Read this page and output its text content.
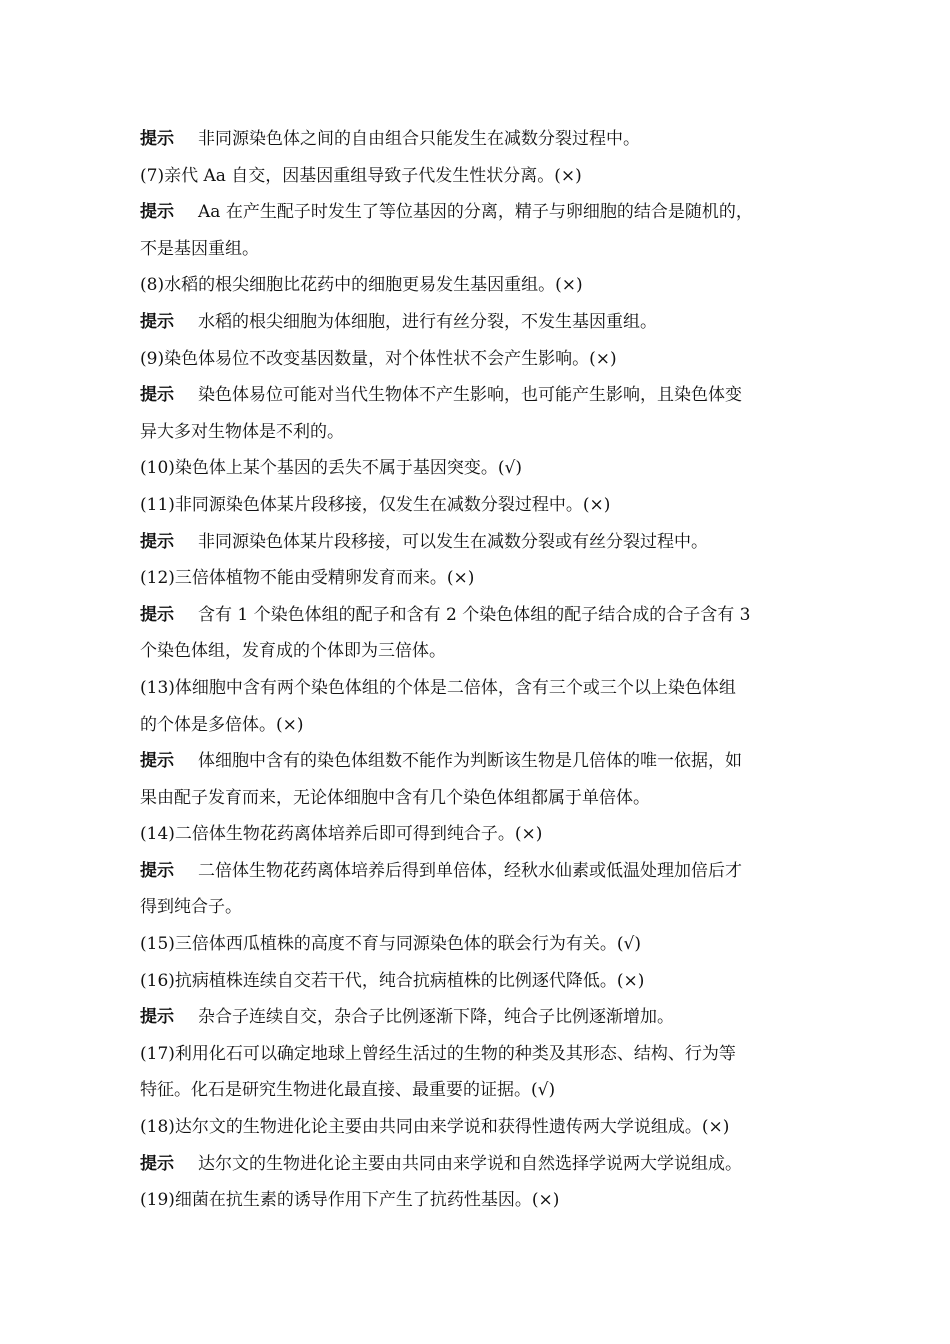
提示 非同源染色体之间的自由组合只能发生在减数分裂过程中。
(7)亲代 Aa 自交，因基因重组导致子代发生性状分离。(×)
提示 Aa 在产生配子时发生了等位基因的分离，精子与卵细胞的结合是随机的，
不是基因重组。
(8)水稻的根尖细胞比花药中的细胞更易发生基因重组。(×)
提示 水稻的根尖细胞为体细胞，进行有丝分裂，不发生基因重组。
(9)染色体易位不改变基因数量，对个体性状不会产生影响。(×)
提示 染色体易位可能对当代生物体不产生影响，也可能产生影响，且染色体变
异大多对生物体是不利的。
(10)染色体上某个基因的丢失不属于基因突变。(√)
(11)非同源染色体某片段移接，仅发生在减数分裂过程中。(×)
提示 非同源染色体某片段移接，可以发生在减数分裂或有丝分裂过程中。
(12)三倍体植物不能由受精卵发育而来。(×)
提示 含有 1 个染色体组的配子和含有 2 个染色体组的配子结合成的合子含有 3
个染色体组，发育成的个体即为三倍体。
(13)体细胞中含有两个染色体组的个体是二倍体，含有三个或三个以上染色体组
的个体是多倍体。(×)
提示 体细胞中含有的染色体组数不能作为判断该生物是几倍体的唯一依据，如
果由配子发育而来，无论体细胞中含有几个染色体组都属于单倍体。
(14)二倍体生物花药离体培养后即可得到纯合子。(×)
提示 二倍体生物花药离体培养后得到单倍体，经秋水仙素或低温处理加倍后才
得到纯合子。
(15)三倍体西瓜植株的高度不育与同源染色体的联会行为有关。(√)
(16)抗病植株连续自交若干代，纯合抗病植株的比例逐代降低。(×)
提示 杂合子连续自交，杂合子比例逐渐下降，纯合子比例逐渐增加。
(17)利用化石可以确定地球上曾经生活过的生物的种类及其形态、结构、行为等
特征。化石是研究生物进化最直接、最重要的证据。(√)
(18)达尔文的生物进化论主要由共同由来学说和获得性遗传两大学说组成。(×)
提示 达尔文的生物进化论主要由共同由来学说和自然选择学说两大学说组成。
(19)细菌在抗生素的诱导作用下产生了抗药性基因。(×)
